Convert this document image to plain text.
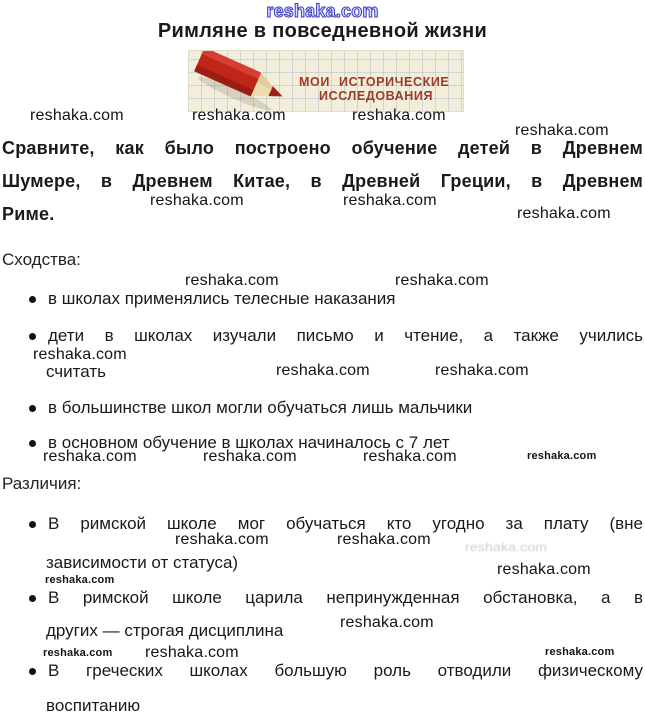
reshaka.com
Римляне в повседневной жизни
МОИ ИСТОРИЧЕСКИЕ
ИССЛЕДОВАНИЯ
reshaka.com	reshaka.com	reshaka.com
reshaka.com
Сравните, как было построено обучение детей в Древнем
Шумере, в Древнем Китае, в Древней Греции, в Древнем
Риме.
reshaka.com	reshaka.com
reshaka.com
Сходства:
reshaka.com	reshaka.com
в школах применялись телесные наказания
дети в школах изучали письмо и чтение, а также учились
reshaka.com
считать	reshaka.com	reshaka.com
в большинстве школ могли обучаться лишь мальчики
в основном обучение в школах начиналось с 7 лет
reshaka.com	reshaka.com	reshaka.com	reshaka.com
Различия:
В римской школе мог обучаться кто угодно за плату (вне
reshaka.com	reshaka.com reshaka.com
зависимости от статуса)	reshaka.com
reshaka.com
В римской школе царила непринужденная обстановка, а в
других — строгая дисциплина	reshaka.com
reshaka.com reshaka.com	reshaka.com
В греческих школах большую роль отводили физическому
воспитанию
